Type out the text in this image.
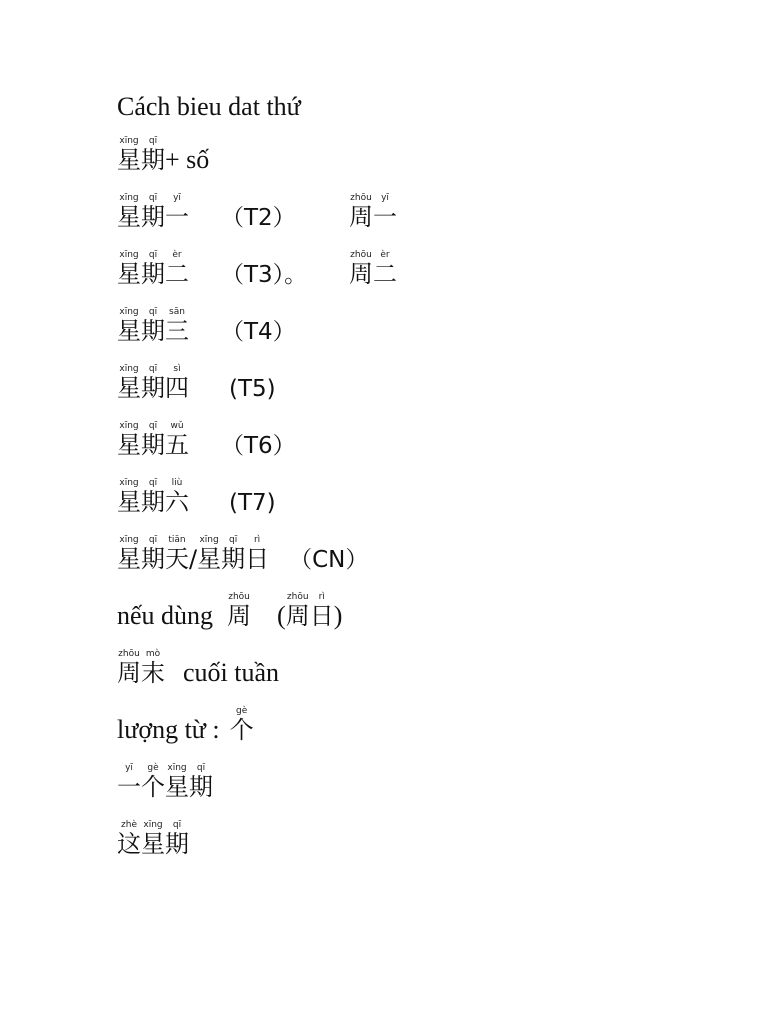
Cách bieu dat thứ
星xīng期qī+ số
星xīng期qī一yī（T2） 周zhōu一yī
星xīng期qī二èr（T3）。 周zhōu二èr
星xīng期qī三sān（T4）
星xīng期qī四sì(T5)
星xīng期qī五wǔ（T6）
星xīng期qī六liù(T7)
星xīng期qī天tiān/星xīng期qī日rì（CN）
nếu dùng 周zhōu(周zhōu日rì)
周zhōu末mòcuối tuần
lượng từ : 个gè
一yī个gè星xīng期qī
这zhè星xīng期qī
